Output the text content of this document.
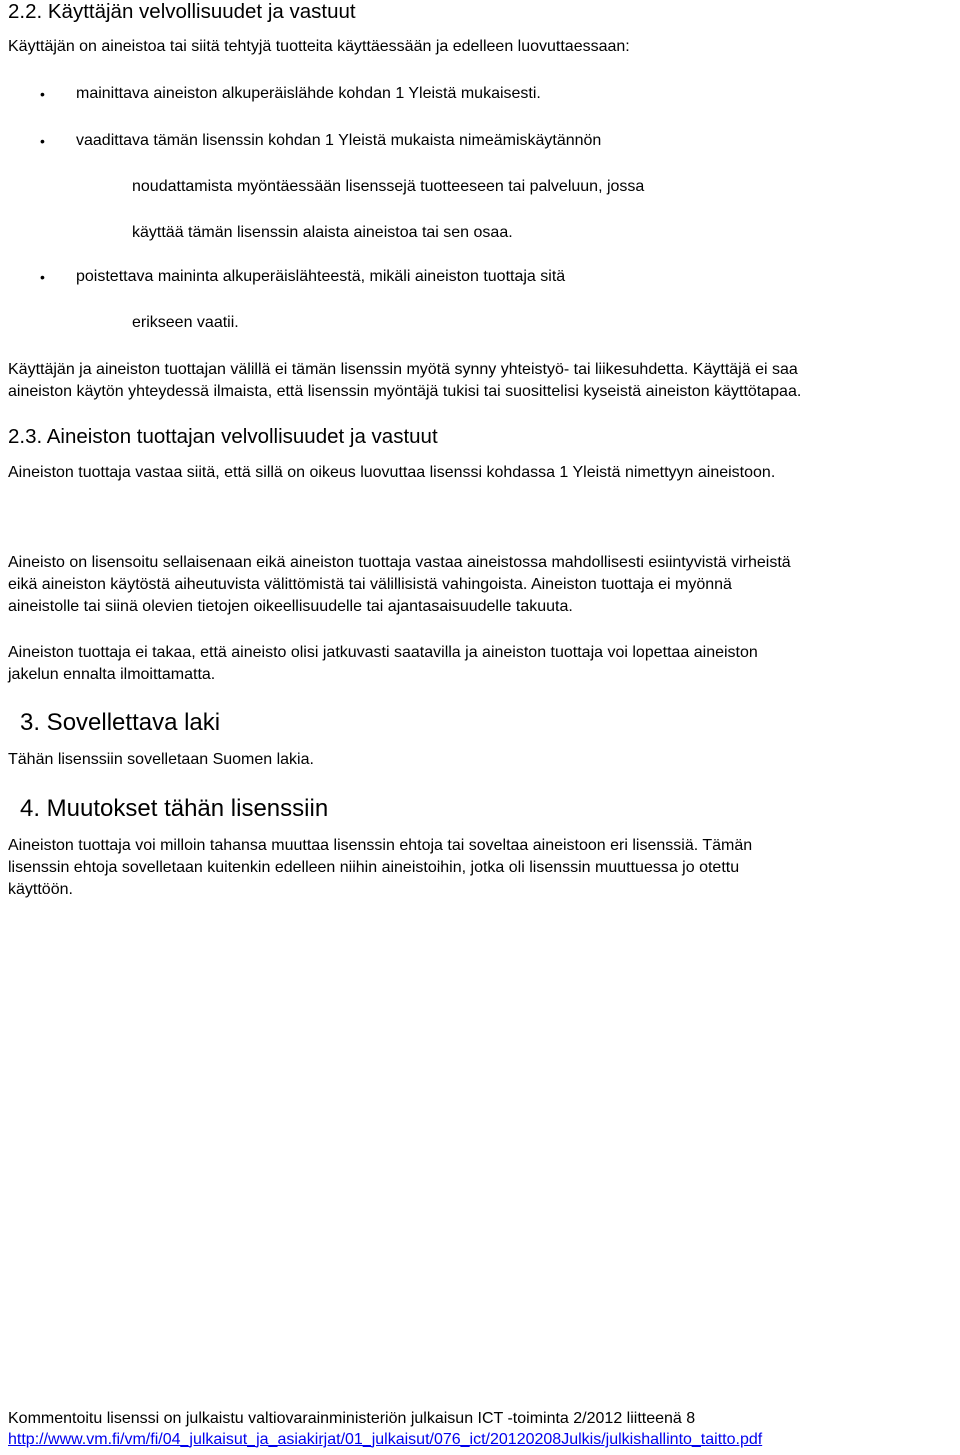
2.2. Käyttäjän velvollisuudet ja vastuut
Käyttäjän on aineistoa tai siitä tehtyjä tuotteita käyttäessään ja edelleen luovuttaessaan:
• mainittava aineiston alkuperäislähde kohdan 1 Yleistä mukaisesti.
• vaadittava tämän lisenssin kohdan 1 Yleistä mukaista nimeämiskäytännön
noudattamista myöntäessään lisenssejä tuotteeseen tai palveluun, jossa
käyttää tämän lisenssin alaista aineistoa tai sen osaa.
• poistettava maininta alkuperäislähteestä, mikäli aineiston tuottaja sitä
erikseen vaatii.
Käyttäjän ja aineiston tuottajan välillä ei tämän lisenssin myötä synny yhteistyö- tai liikesuhdetta. Käyttäjä ei saa
aineiston käytön yhteydessä ilmaista, että lisenssin myöntäjä tukisi tai suosittelisi kyseistä aineiston käyttötapaa.
2.3. Aineiston tuottajan velvollisuudet ja vastuut
Aineiston tuottaja vastaa siitä, että sillä on oikeus luovuttaa lisenssi kohdassa 1 Yleistä nimettyyn aineistoon.
Aineisto on lisensoitu sellaisenaan eikä aineiston tuottaja vastaa aineistossa mahdollisesti esiintyvistä virheistä
eikä aineiston käytöstä aiheutuvista välittömistä tai välillisistä vahingoista. Aineiston tuottaja ei myönnä
aineistolle tai siinä olevien tietojen oikeellisuudelle tai ajantasaisuudelle takuuta.
Aineiston tuottaja ei takaa, että aineisto olisi jatkuvasti saatavilla ja aineiston tuottaja voi lopettaa aineiston
jakelun ennalta ilmoittamatta.
3. Sovellettava laki
Tähän lisenssiin sovelletaan Suomen lakia.
4. Muutokset tähän lisenssiin
Aineiston tuottaja voi milloin tahansa muuttaa lisenssin ehtoja tai soveltaa aineistoon eri lisenssiä. Tämän
lisenssin ehtoja sovelletaan kuitenkin edelleen niihin aineistoihin, jotka oli lisenssin muuttuessa jo otettu
käyttöön.
Kommentoitu lisenssi on julkaistu valtiovarainministeriön julkaisun ICT -toiminta 2/2012 liitteenä 8
http://www.vm.fi/vm/fi/04_julkaisut_ja_asiakirjat/01_julkaisut/076_ict/20120208Julkis/julkishallinto_taitto.pdf
